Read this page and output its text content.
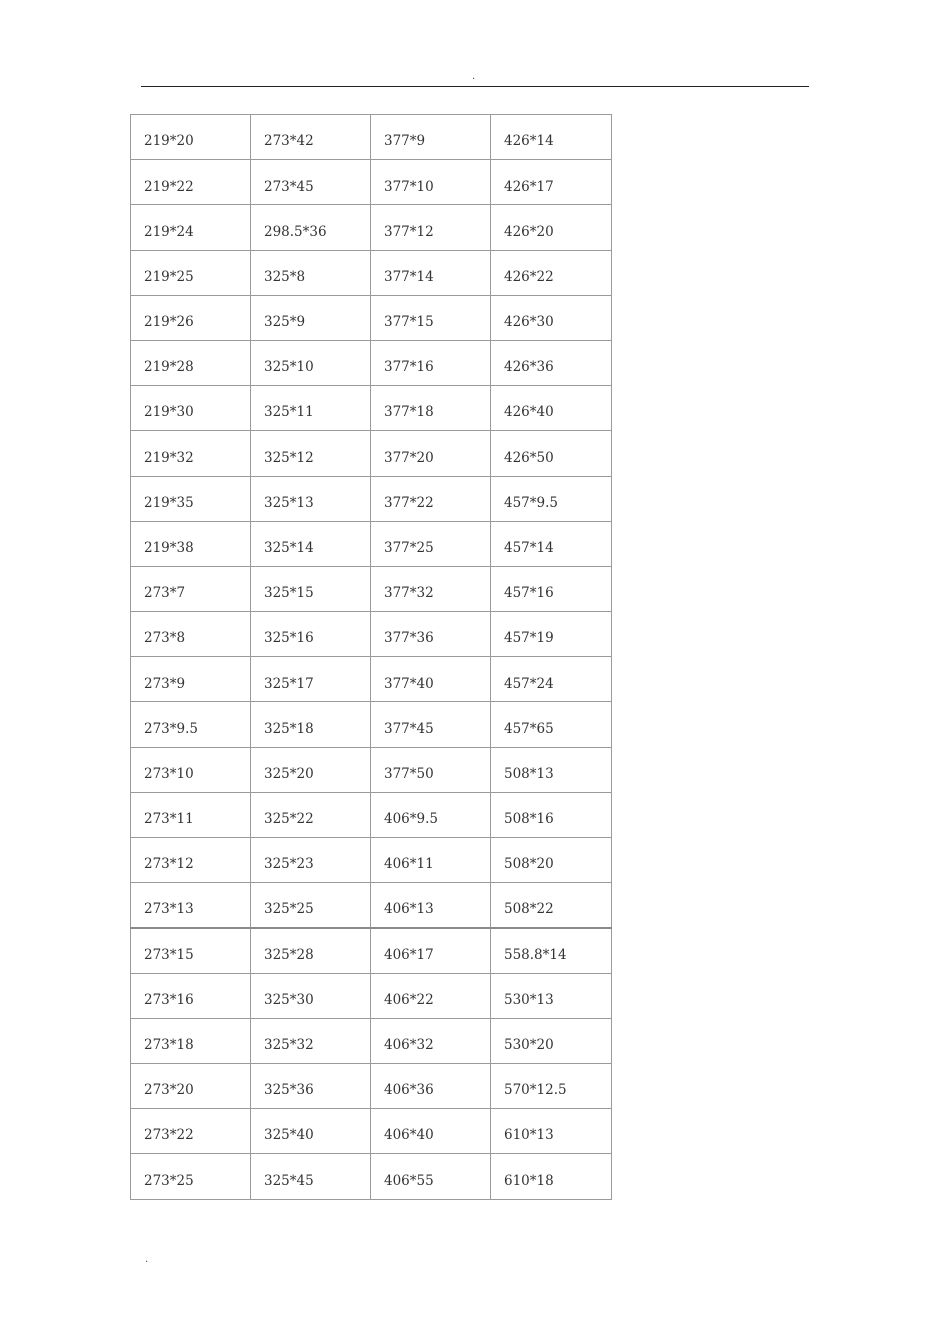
.
219*20	273*42	377*9	426*14
219*22	273*45	377*10	426*17
219*24	298.5*36	377*12	426*20
219*25	325*8	377*14	426*22
219*26	325*9	377*15	426*30
219*28	325*10	377*16	426*36
219*30	325*11	377*18	426*40
219*32	325*12	377*20	426*50
219*35	325*13	377*22	457*9.5
219*38	325*14	377*25	457*14
273*7	325*15	377*32	457*16
273*8	325*16	377*36	457*19
273*9	325*17	377*40	457*24
273*9.5	325*18	377*45	457*65
273*10	325*20	377*50	508*13
273*11	325*22	406*9.5	508*16
273*12	325*23	406*11	508*20
273*13	325*25	406*13	508*22
273*15	325*28	406*17	558.8*14
273*16	325*30	406*22	530*13
273*18	325*32	406*32	530*20
273*20	325*36	406*36	570*12.5
273*22	325*40	406*40	610*13
273*25	325*45	406*55	610*18
.
